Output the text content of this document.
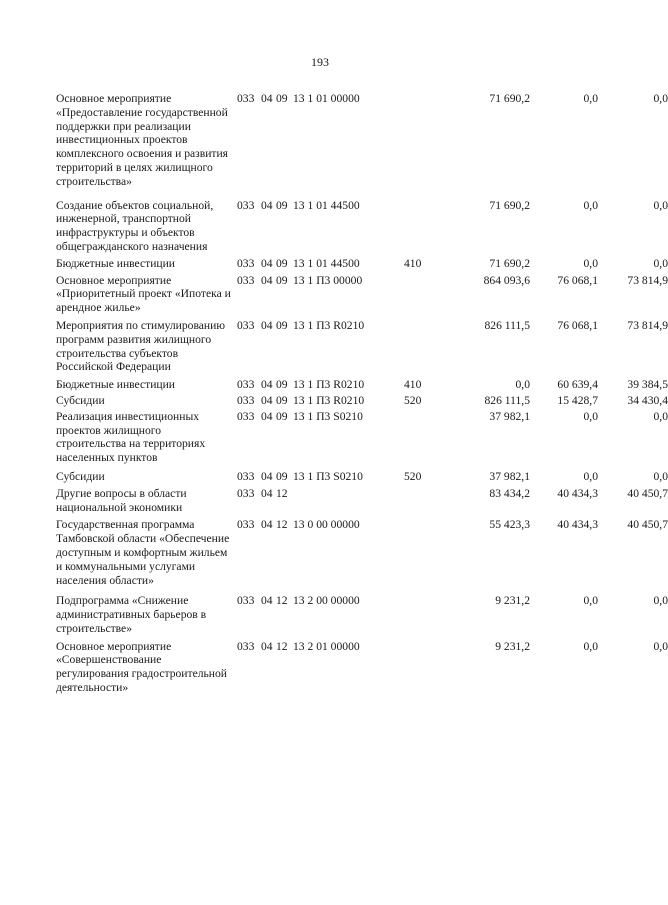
193
Основное мероприятие «Предоставление государственной поддержки при реализации инвестиционных проектов комплексного освоения и развития территорий в целях жилищного строительства»
033 04 09 13 1 01 00000	71 690,2	0,0	0,0
Создание объектов социальной, инженерной, транспортной инфраструктуры и объектов общегражданского назначения
033 04 09 13 1 01 44500	71 690,2	0,0	0,0
Бюджетные инвестиции	033 04 09 13 1 01 44500	410	71 690,2	0,0	0,0
Основное мероприятие «Приоритетный проект «Ипотека и арендное жилье»
033 04 09 13 1 П3 00000	864 093,6	76 068,1	73 814,9
Мероприятия по стимулированию программ развития жилищного строительства субъектов Российской Федерации
033 04 09 13 1 П3 R0210	826 111,5	76 068,1	73 814,9
Бюджетные инвестиции	033 04 09 13 1 П3 R0210	410	0,0	60 639,4	39 384,5
Субсидии	033 04 09 13 1 П3 R0210	520	826 111,5	15 428,7	34 430,4
Реализация инвестиционных проектов жилищного строительства на территориях населенных пунктов
033 04 09 13 1 П3 S0210	37 982,1	0,0	0,0
Субсидии	033 04 09 13 1 П3 S0210	520	37 982,1	0,0	0,0
Другие вопросы в области национальной экономики
033 04 12	83 434,2	40 434,3	40 450,7
Государственная программа Тамбовской области «Обеспечение доступным и комфортным жильем и коммунальными услугами населения области»
033 04 12 13 0 00 00000	55 423,3	40 434,3	40 450,7
Подпрограмма «Снижение административных барьеров в строительстве»
033 04 12 13 2 00 00000	9 231,2	0,0	0,0
Основное мероприятие «Совершенствование регулирования градостроительной деятельности»
033 04 12 13 2 01 00000	9 231,2	0,0	0,0
